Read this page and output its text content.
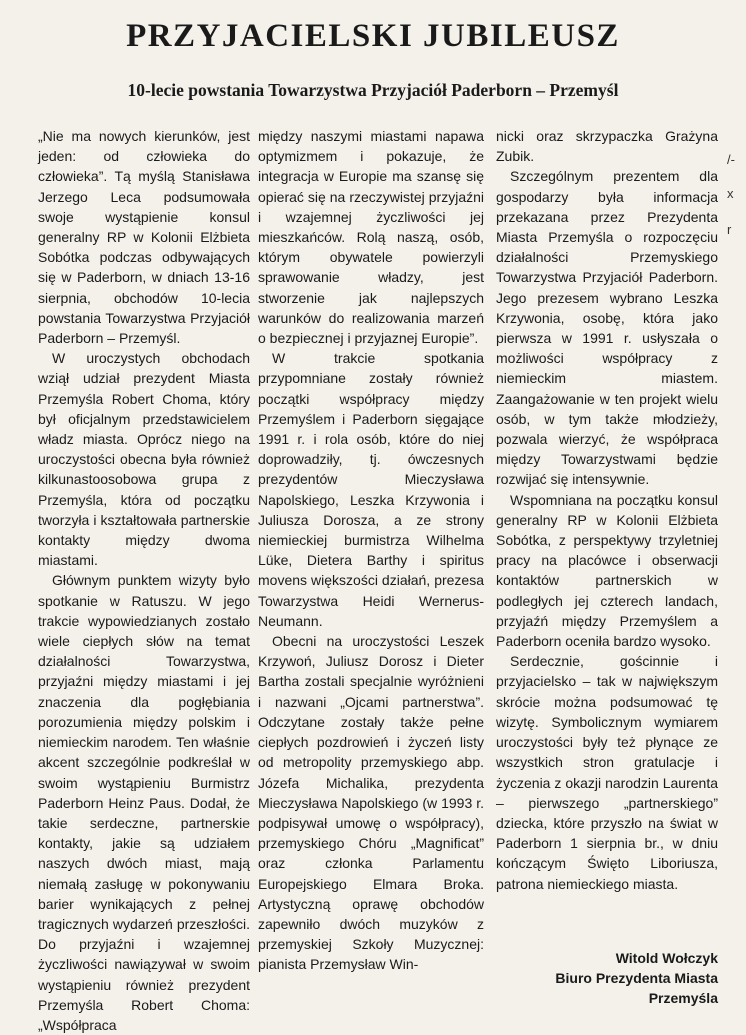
PRZYJACIELSKI JUBILEUSZ
10-lecie powstania Towarzystwa Przyjaciół Paderborn – Przemyśl

„Nie ma nowych kierunków, jest jeden: od człowieka do człowieka”. Tą myślą Stanisława Jerzego Leca podsumowała swoje wystąpienie konsul generalny RP w Kolonii Elżbieta Sobótka podczas odbywających się w Paderborn, w dniach 13-16 sierpnia, obchodów 10-lecia powstania Towarzystwa Przyjaciół Paderborn – Przemyśl.

W uroczystych obchodach wziął udział prezydent Miasta Przemyśla Robert Choma, który był oficjalnym przedstawicielem władz miasta. Oprócz niego na uroczystości obecna była również kilkunastoosobowa grupa z Przemyśla, która od początku tworzyła i kształtowała partnerskie kontakty między dwoma miastami.

Głównym punktem wizyty było spotkanie w Ratuszu. W jego trakcie wypowiedzianych zostało wiele ciepłych słów na temat działalności Towarzystwa, przyjaźni między miastami i jej znaczenia dla pogłębiania porozumienia między polskim i niemieckim narodem. Ten właśnie akcent szczególnie podkreślał w swoim wystąpieniu Burmistrz Paderborn Heinz Paus. Dodał, że takie serdeczne, partnerskie kontakty, jakie są udziałem naszych dwóch miast, mają niemałą zasługę w pokonywaniu barier wynikających z pełnej tragicznych wydarzeń przeszłości. Do przyjaźni i wzajemnej życzliwości nawiązywał w swoim wystąpieniu również prezydent Przemyśla Robert Choma: „Współpraca

między naszymi miastami napawa optymizmem i pokazuje, że integracja w Europie ma szansę się opierać się na rzeczywistej przyjaźni i wzajemnej życzliwości jej mieszkańców. Rolą naszą, osób, którym obywatele powierzyli sprawowanie władzy, jest stworzenie jak najlepszych warunków do realizowania marzeń o bezpiecznej i przyjaznej Europie”.

W trakcie spotkania przypomniane zostały również początki współpracy między Przemyślem i Paderborn sięgające 1991 r. i rola osób, które do niej doprowadziły, tj. ówczesnych prezydentów Mieczysława Napolskiego, Leszka Krzywonia i Juliusza Dorosza, a ze strony niemieckiej burmistrza Wilhelma Lüke, Dietera Barthy i spiritus movens większości działań, prezesa Towarzystwa Heidi Wernerus-Neumann.

Obecni na uroczystości Leszek Krzywoń, Juliusz Dorosz i Dieter Bartha zostali specjalnie wyróżnieni i nazwani „Ojcami partnerstwa”. Odczytane zostały także pełne ciepłych pozdrowień i życzeń listy od metropolity przemyskiego abp. Józefa Michalika, prezydenta Mieczysława Napolskiego (w 1993 r. podpisywał umowę o współpracy), przemyskiego Chóru „Magnificat” oraz członka Parlamentu Europejskiego Elmara Broka. Artystyczną oprawę obchodów zapewniło dwóch muzyków z przemyskiej Szkoły Muzycznej: pianista Przemysław Win-

nicki oraz skrzypaczka Grażyna Zubik.

Szczególnym prezentem dla gospodarzy była informacja przekazana przez Prezydenta Miasta Przemyśla o rozpoczęciu działalności Przemyskiego Towarzystwa Przyjaciół Paderborn. Jego prezesem wybrano Leszka Krzywonia, osobę, która jako pierwsza w 1991 r. usłyszała o możliwości współpracy z niemieckim miastem. Zaangażowanie w ten projekt wielu osób, w tym także młodzieży, pozwala wierzyć, że współpraca między Towarzystwami będzie rozwijać się intensywnie.

Wspomniana na początku konsul generalny RP w Kolonii Elżbieta Sobótka, z perspektywy trzyletniej pracy na placówce i obserwacji kontaktów partnerskich w podległych jej czterech landach, przyjaźń między Przemyślem a Paderborn oceniła bardzo wysoko.

Serdecznie, gościnnie i przyjacielsko – tak w największym skrócie można podsumować tę wizytę. Symbolicznym wymiarem uroczystości były też płynące ze wszystkich stron gratulacje i życzenia z okazji narodzin Laurenta – pierwszego „partnerskiego” dziecka, które przyszło na świat w Paderborn 1 sierpnia br., w dniu kończącym Święto Liboriusza, patrona niemieckiego miasta.

Witold Wołczyk
Biuro Prezydenta Miasta
Przemyśla
/-
x
r
